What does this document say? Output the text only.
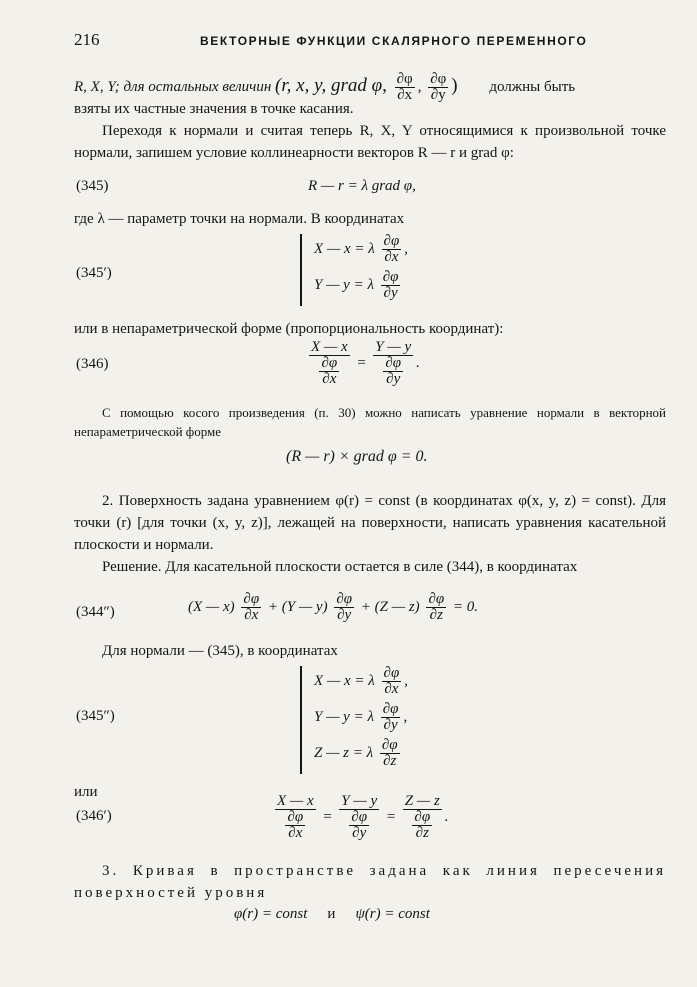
216	ВЕКТОРНЫЕ ФУНКЦИИ СКАЛЯРНОГО ПЕРЕМЕННОГО
R, X, Y; для остальных величин (r, x, y, grad φ, $\frac{\partial\varphi}{\partial x}$ , $\frac{\partial\varphi}{\partial y}$ ) должны быть
взяты их частные значения в точке касания.
Переходя к нормали и считая теперь R, X, Y относящимися к произвольной точке нормали, запишем условие коллинеарности векторов R — r и grad φ:
(345)	R — r = λ grad φ,
где λ — параметр точки на нормали. В координатах
(345′)
X — x = λ $\frac{\partial\varphi}{\partial x}$ ,
Y — y = λ $\frac{\partial\varphi}{\partial y}$
или в непараметрической форме (пропорциональность координат):
(346)	$\frac{X — x}{\frac{\partial\varphi}{\partial x}} = \frac{Y — y}{\frac{\partial\varphi}{\partial y}}$ .
С помощью косого произведения (п. 30) можно написать уравнение нормали в векторной непараметрической форме
(R — r) × grad φ = 0.
2. Поверхность задана уравнением φ(r) = const (в координатах φ(x, y, z) = const). Для точки (r) [для точки (x, y, z)], лежащей на поверхности, написать уравнения касательной плоскости и нормали.
Решение. Для касательной плоскости остается в силе (344), в координатах
(344″)	(X — $x) \frac{\partial\varphi}{\partial x} + (Y$ — $y) \frac{\partial\varphi}{\partial y} + (Z$ — $z) \frac{\partial\varphi}{\partial z} = 0$.
Для нормали — (345), в координатах
(345″)
X — x = λ $\frac{\partial\varphi}{\partial x}$ ,
Y — y = λ $\frac{\partial\varphi}{\partial y}$ ,
Z — z = λ $\frac{\partial\varphi}{\partial z}$
или
(346′)	$\frac{X — x}{\frac{\partial\varphi}{\partial x}} = \frac{Y — y}{\frac{\partial\varphi}{\partial y}} = \frac{Z — z}{\frac{\partial\varphi}{\partial z}}$ .
3. Кривая в пространстве задана как линия пересечения поверхностей уровня
φ(r) = const и ψ(r) = const
